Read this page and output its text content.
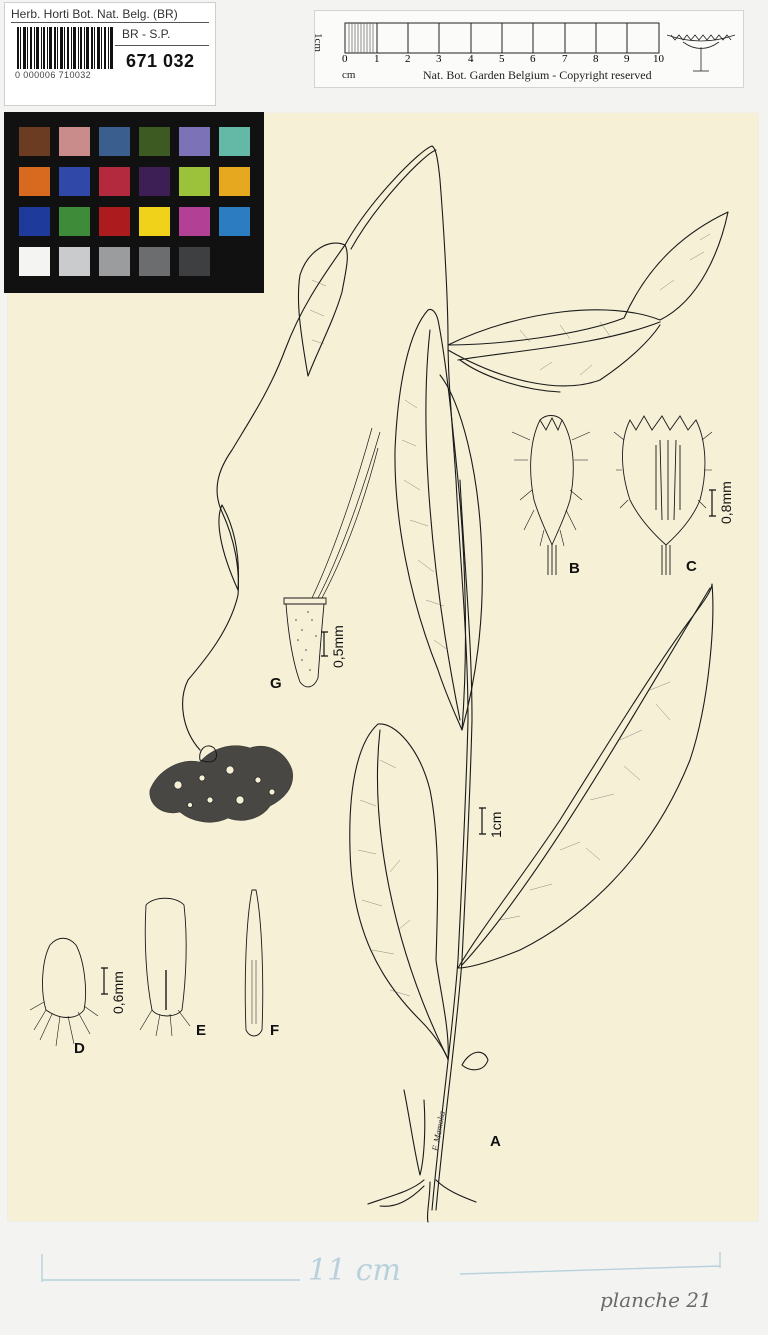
Herb. Horti Bot. Nat. Belg. (BR)
BR - S.P.
671 032
0 000006 710032
1cm
0 1 2 3 4 5 6 7 8 9 10
cm	Nat. Bot. Garden Belgium - Copyright reserved
A
B	C
D
E	F
G
1cm
0,5mm
0,8mm
0,6mm
F. Mamoka
11 cm
planche 21
